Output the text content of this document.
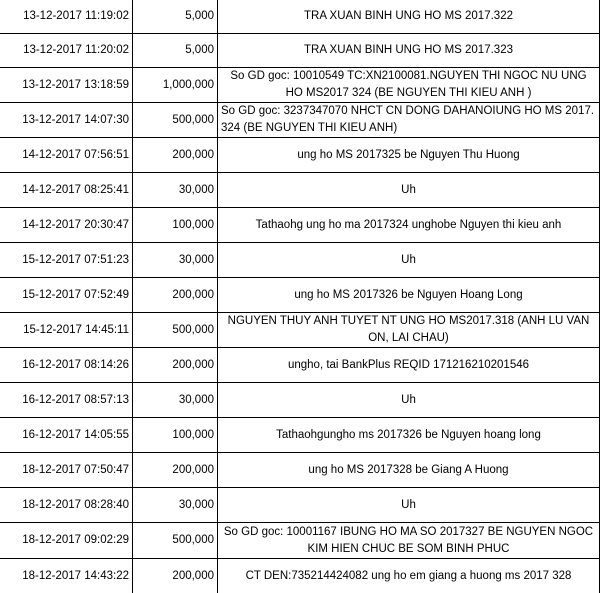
13-12-2017 11:19:02	5,000	TRA XUAN BINH UNG HO MS 2017.322
13-12-2017 11:20:02	5,000	TRA XUAN BINH UNG HO MS 2017.323
13-12-2017 13:18:59	1,000,000	So GD goc: 10010549 TC:XN2100081.NGUYEN THI NGOC NU UNG HO MS2017 324 (BE NGUYEN THI KIEU ANH )
13-12-2017 14:07:30	500,000	So GD goc: 3237347070 NHCT CN DONG DAHANOIUNG HO MS 2017. 324 (BE NGUYEN THI KIEU ANH)
14-12-2017 07:56:51	200,000	ung ho MS 2017325 be Nguyen Thu Huong
14-12-2017 08:25:41	30,000	Uh
14-12-2017 20:30:47	100,000	Tathaohg ung ho ma 2017324 unghobe Nguyen thi kieu anh
15-12-2017 07:51:23	30,000	Uh
15-12-2017 07:52:49	200,000	ung ho MS 2017326 be Nguyen Hoang Long
15-12-2017 14:45:11	500,000	NGUYEN THUY ANH TUYET NT UNG HO MS2017.318 (ANH LU VAN ON, LAI CHAU)
16-12-2017 08:14:26	200,000	ungho, tai BankPlus REQID 171216210201546
16-12-2017 08:57:13	30,000	Uh
16-12-2017 14:05:55	100,000	Tathaohgungho ms 2017326 be Nguyen hoang long
18-12-2017 07:50:47	200,000	ung ho MS 2017328 be Giang A Huong
18-12-2017 08:28:40	30,000	Uh
18-12-2017 09:02:29	500,000	So GD goc: 10001167 IBUNG HO MA SO 2017327 BE NGUYEN NGOC KIM HIEN CHUC BE SOM BINH PHUC
18-12-2017 14:43:22	200,000	CT DEN:735214424082 ung ho em giang a huong ms 2017 328
